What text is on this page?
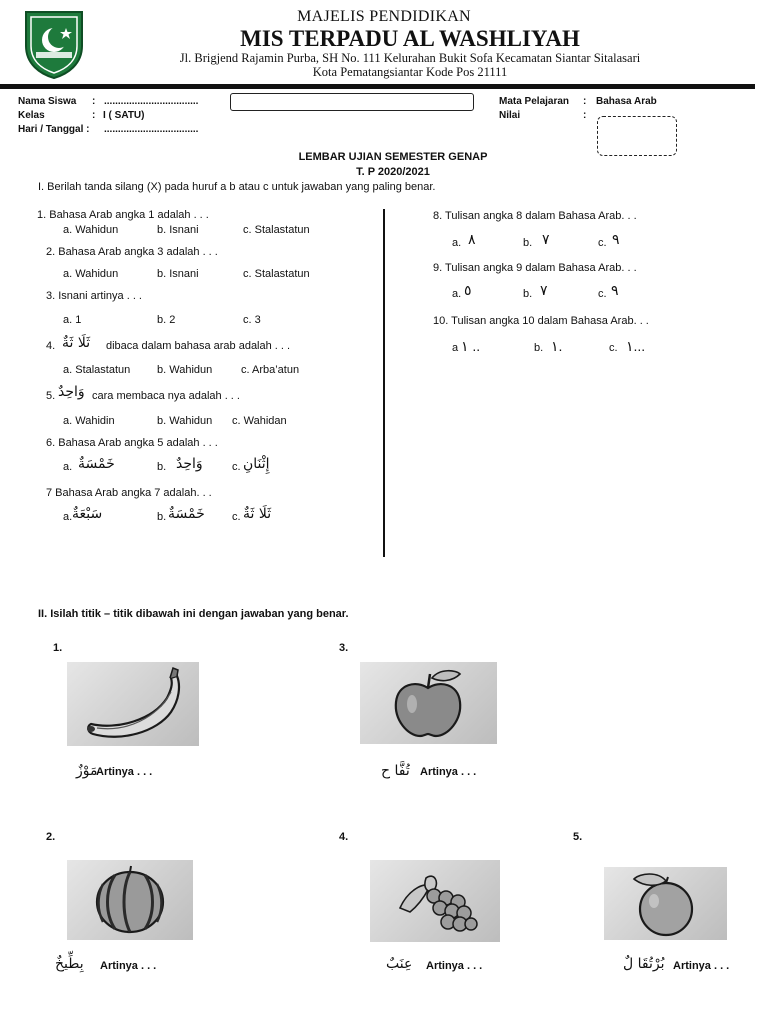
MAJELIS PENDIDIKAN
MIS TERPADU AL WASHLIYAH
Jl. Brigjend Rajamin Purba, SH No. 111 Kelurahan Bukit Sofa Kecamatan Siantar Sitalasari
Kota Pematangsiantar Kode Pos 21111
Nama Siswa : ..................................
Kelas	: I ( SATU)
Hari / Tanggal : ..................................
Mata Pelajaran : Bahasa Arab
Nilai	:
LEMBAR UJIAN SEMESTER GENAP
T. P 2020/2021
I. Berilah tanda silang (X) pada huruf a b atau c untuk jawaban yang paling benar.
1. Bahasa Arab angka 1 adalah . . .
a. Wahidun	b. Isnani	c. Stalastatun
2. Bahasa Arab angka 3 adalah . . .
a. Wahidun	b. Isnani	c. Stalastatun
3. Isnani artinya . . .
a. 1	b. 2	c. 3
4. ثَلَا ثَةٌ dibaca dalam bahasa arab adalah . . .
a. Stalastatun b. Wahidun	c. Arba’atun
5. وَاحِدٌ cara membaca nya adalah . . .
a. Wahidin	b. Wahidun c. Wahidan
6. Bahasa Arab angka 5 adalah . . .
a. خَمْسَةٌ	b. وَاحِدٌ	c. إِثْنَانِ
7 Bahasa Arab angka 7 adalah. . .
a. سَبْعَةٌ	b. خَمْسَةٌ c. ثَلَا ثَةٌ
8. Tulisan angka 8 dalam Bahasa Arab. . .
a. ٨	b. ٧	c. ٩
9. Tulisan angka 9 dalam Bahasa Arab. . .
a. ٥	b. ٧	c. ٩
10. Tulisan angka 10 dalam Bahasa Arab. . .
a ١ ..	b. ١.	c. ١...
II. Isilah titik – titik dibawah ini dengan jawaban yang benar.
1.
مَوْزٌ
Artinya . . .
3.
تُفَّا ح Artinya . . .
2.
بِطِّيخٌ Artinya . . .
4.
عِنَبٌ Artinya . . .
5.
بُرْتُقَا لٌ Artinya . . .
